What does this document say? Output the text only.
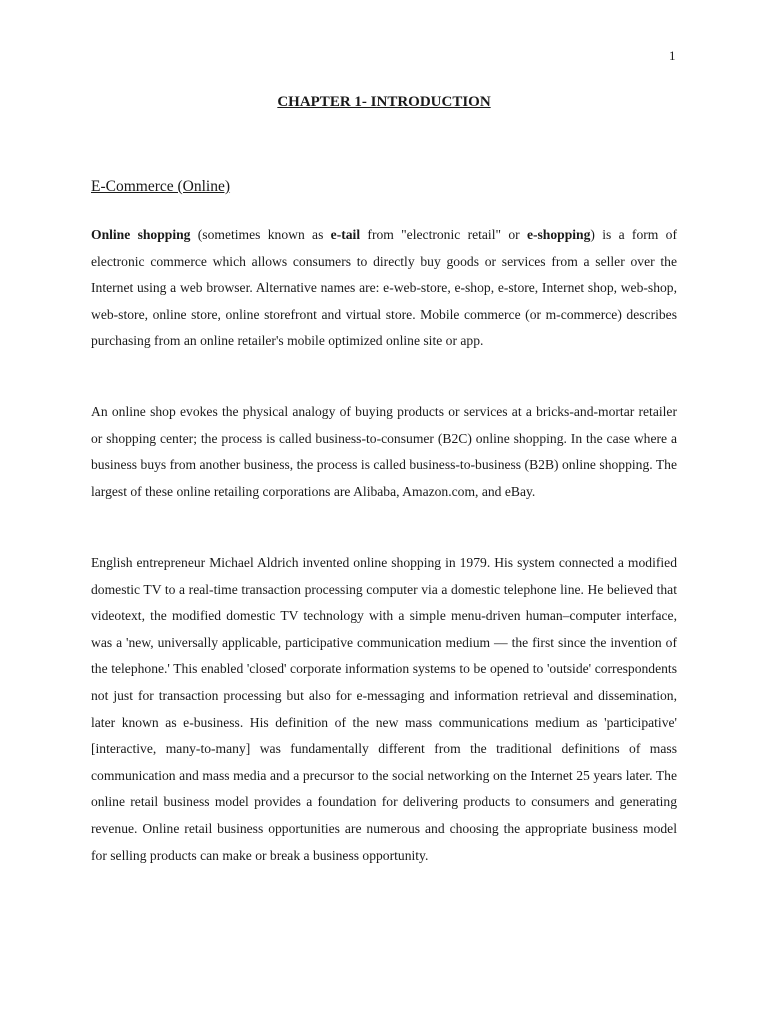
1
CHAPTER 1- INTRODUCTION
E-Commerce (Online)

Online shopping (sometimes known as e-tail from "electronic retail" or e-shopping) is a form of electronic commerce which allows consumers to directly buy goods or services from a seller over the Internet using a web browser. Alternative names are: e-web-store, e-shop, e-store, Internet shop, web-shop, web-store, online store, online storefront and virtual store. Mobile commerce (or m-commerce) describes purchasing from an online retailer's mobile optimized online site or app.

An online shop evokes the physical analogy of buying products or services at a bricks-and-mortar retailer or shopping center; the process is called business-to-consumer (B2C) online shopping. In the case where a business buys from another business, the process is called business-to-business (B2B) online shopping. The largest of these online retailing corporations are Alibaba, Amazon.com, and eBay.

English entrepreneur Michael Aldrich invented online shopping in 1979. His system connected a modified domestic TV to a real-time transaction processing computer via a domestic telephone line. He believed that videotext, the modified domestic TV technology with a simple menu-driven human–computer interface, was a 'new, universally applicable, participative communication medium — the first since the invention of the telephone.' This enabled 'closed' corporate information systems to be opened to 'outside' correspondents not just for transaction processing but also for e-messaging and information retrieval and dissemination, later known as e-business. His definition of the new mass communications medium as 'participative' [interactive, many-to-many] was fundamentally different from the traditional definitions of mass communication and mass media and a precursor to the social networking on the Internet 25 years later. The online retail business model provides a foundation for delivering products to consumers and generating revenue. Online retail business opportunities are numerous and choosing the appropriate business model for selling products can make or break a business opportunity.
